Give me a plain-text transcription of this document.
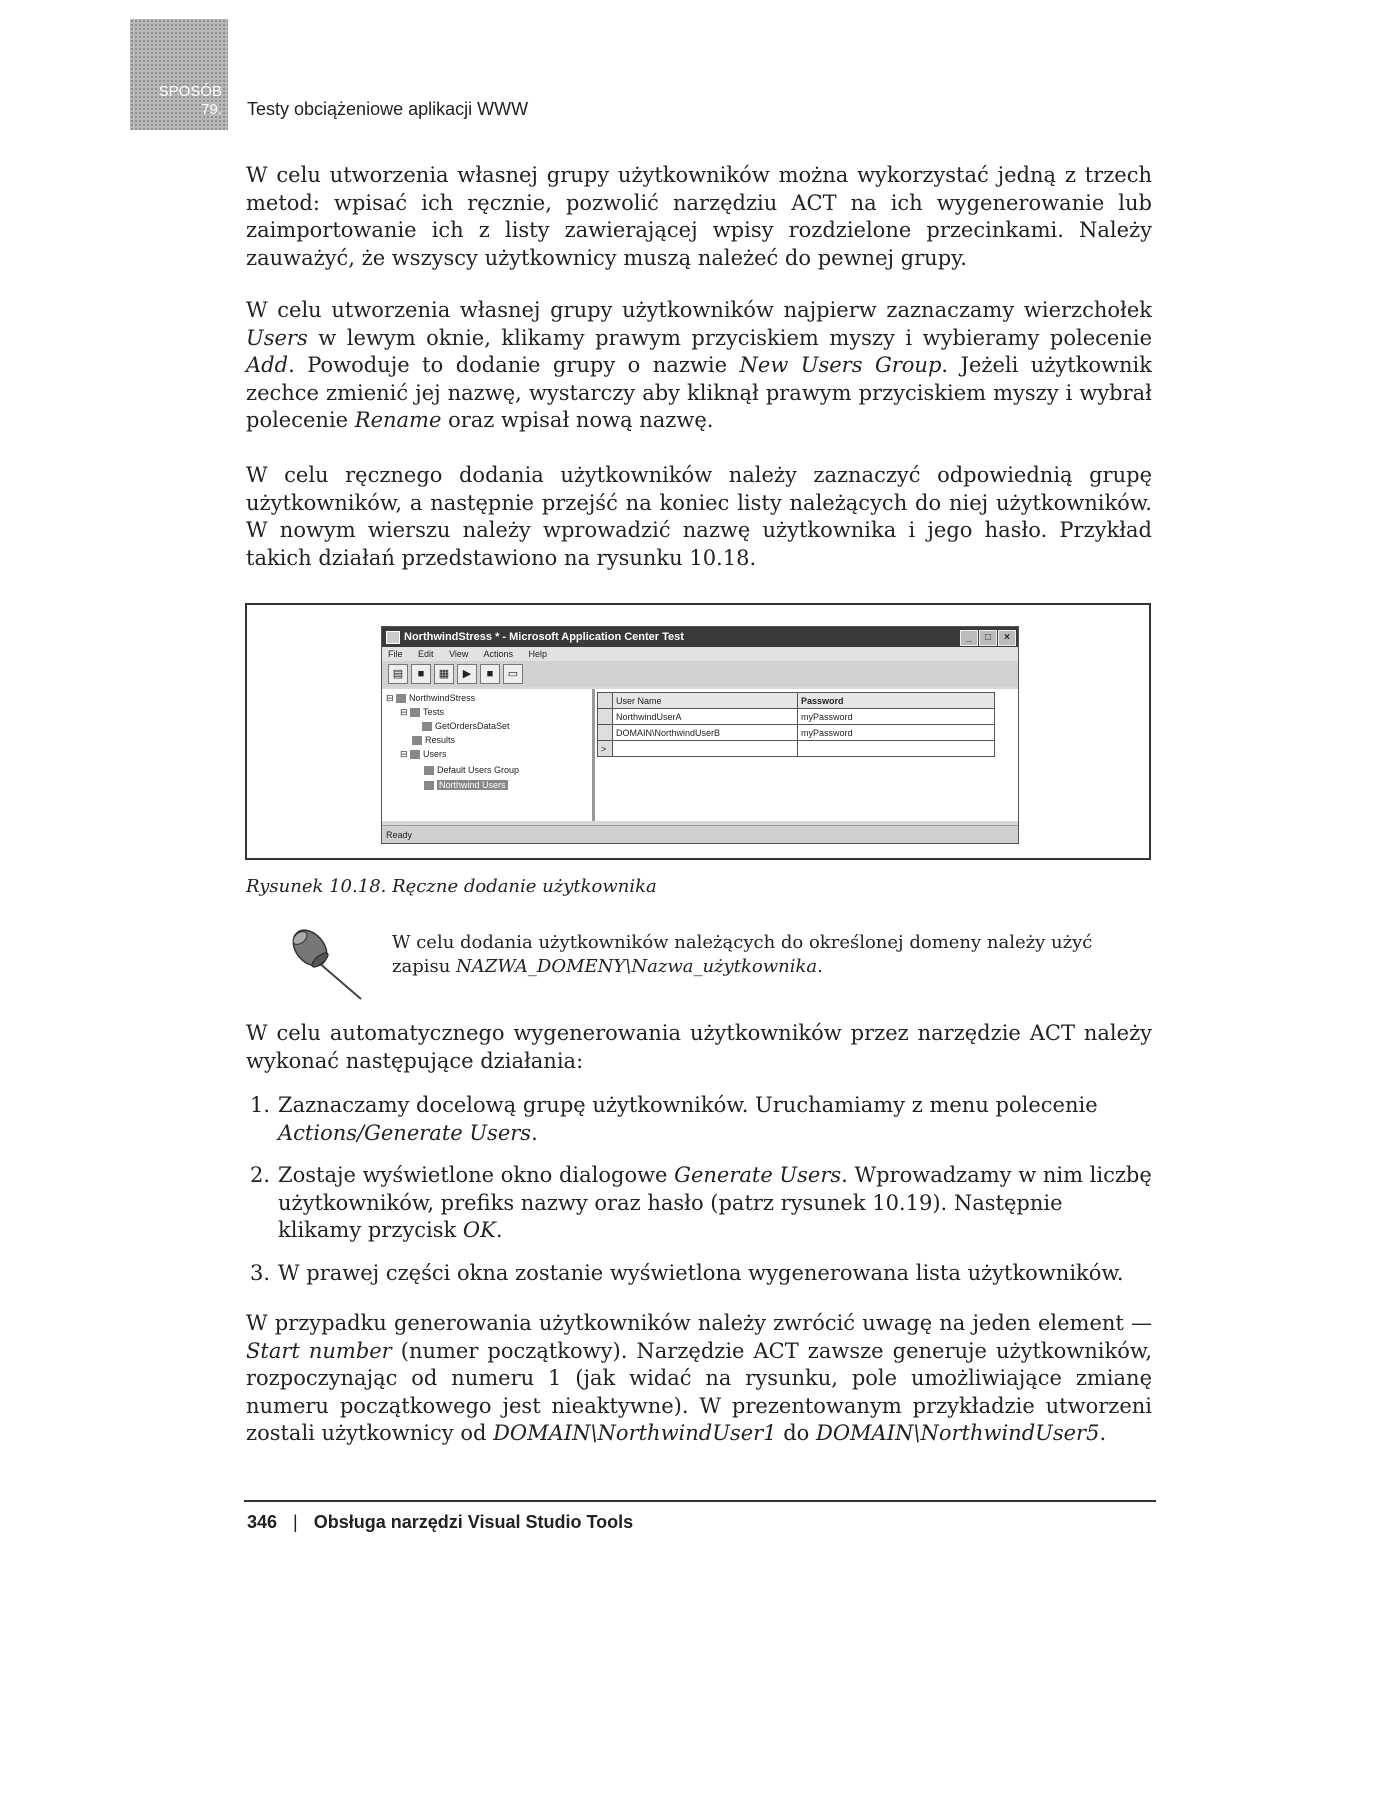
SPOSÓB
79. Testy obciążeniowe aplikacji WWW

W celu utworzenia własnej grupy użytkowników można wykorzystać jedną z trzech metod: wpisać ich ręcznie, pozwolić narzędziu ACT na ich wygenerowanie lub zaimportowanie ich z listy zawierającej wpisy rozdzielone przecinkami. Należy zauważyć, że wszyscy użytkownicy muszą należeć do pewnej grupy.

W celu utworzenia własnej grupy użytkowników najpierw zaznaczamy wierzchołek Users w lewym oknie, klikamy prawym przyciskiem myszy i wybieramy polecenie Add. Powoduje to dodanie grupy o nazwie New Users Group. Jeżeli użytkownik zechce zmienić jej nazwę, wystarczy aby kliknął prawym przyciskiem myszy i wybrał polecenie Rename oraz wpisał nową nazwę.

W celu ręcznego dodania użytkowników należy zaznaczyć odpowiednią grupę użytkowników, a następnie przejść na koniec listy należących do niej użytkowników. W nowym wierszu należy wprowadzić nazwę użytkownika i jego hasło. Przykład takich działań przedstawiono na rysunku 10.18.

NorthwindStress * - Microsoft Application Center Test	_	□	×
File Edit View Actions Help
▤ ■ ▦ ▶ ■ ▭
⊟ NorthwindStress
⊟ Tests
GetOrdersDataSet
Results
⊟ Users
Default Users Group
Northwind Users
	User Name	Password
	NorthwindUserA	myPassword
	DOMAIN\NorthwindUserB	myPassword
>		
Ready
Rysunek 10.18. Ręczne dodanie użytkownika

W celu dodania użytkowników należących do określonej domeny należy użyć zapisu NAZWA_DOMENY\Nazwa_użytkownika.

W celu automatycznego wygenerowania użytkowników przez narzędzie ACT należy wykonać następujące działania:

1. Zaznaczamy docelową grupę użytkowników. Uruchamiamy z menu polecenie Actions/Generate Users.
2. Zostaje wyświetlone okno dialogowe Generate Users. Wprowadzamy w nim liczbę użytkowników, prefiks nazwy oraz hasło (patrz rysunek 10.19). Następnie klikamy przycisk OK.
3. W prawej części okna zostanie wyświetlona wygenerowana lista użytkowników.

W przypadku generowania użytkowników należy zwrócić uwagę na jeden element — Start number (numer początkowy). Narzędzie ACT zawsze generuje użytkowników, rozpoczynając od numeru 1 (jak widać na rysunku, pole umożliwiające zmianę numeru początkowego jest nieaktywne). W prezentowanym przykładzie utworzeni zostali użytkownicy od DOMAIN\NorthwindUser1 do DOMAIN\NorthwindUser5.

346 | Obsługa narzędzi Visual Studio Tools
